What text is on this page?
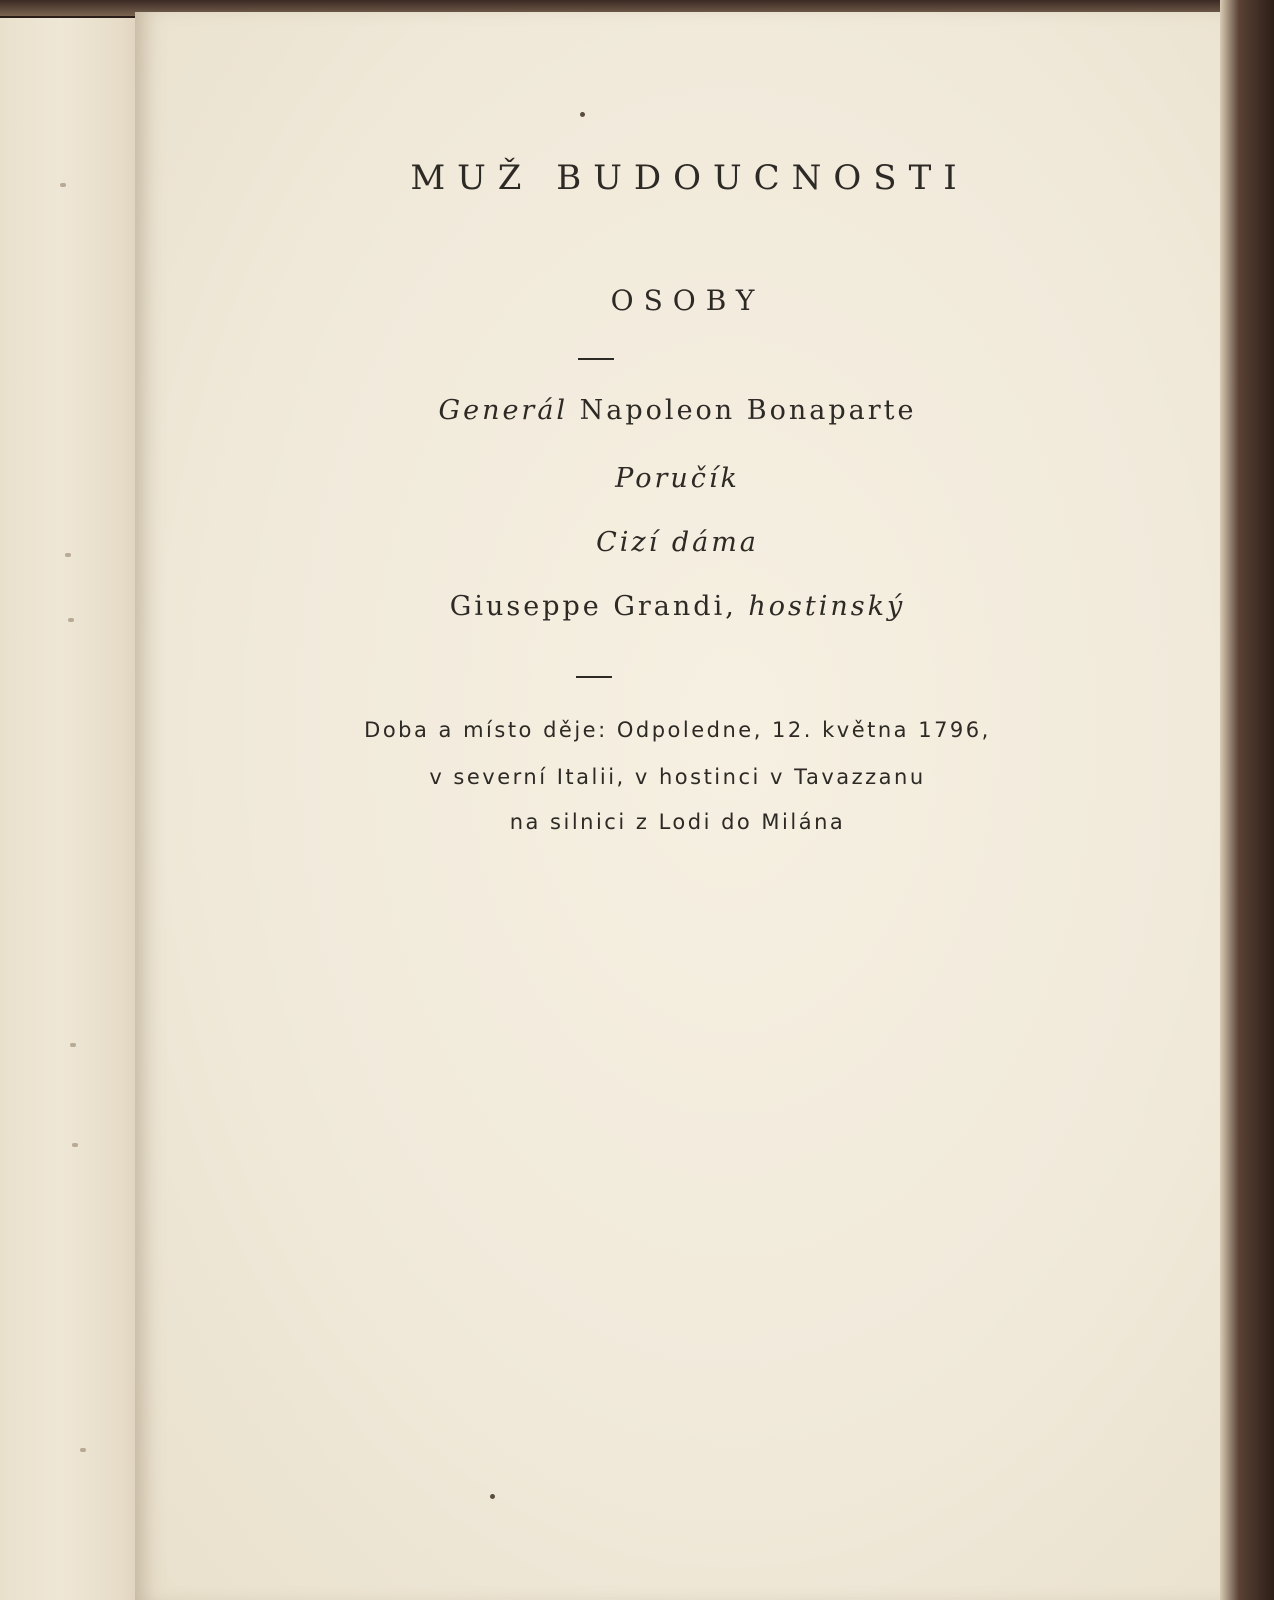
MUŽ BUDOUCNOSTI
OSOBY
Generál Napoleon Bonaparte
Poručík
Cizí dáma
Giuseppe Grandi, hostinský
Doba a místo děje: Odpoledne, 12. května 1796,
v severní Italii, v hostinci v Tavazzanu
na silnici z Lodi do Milána
